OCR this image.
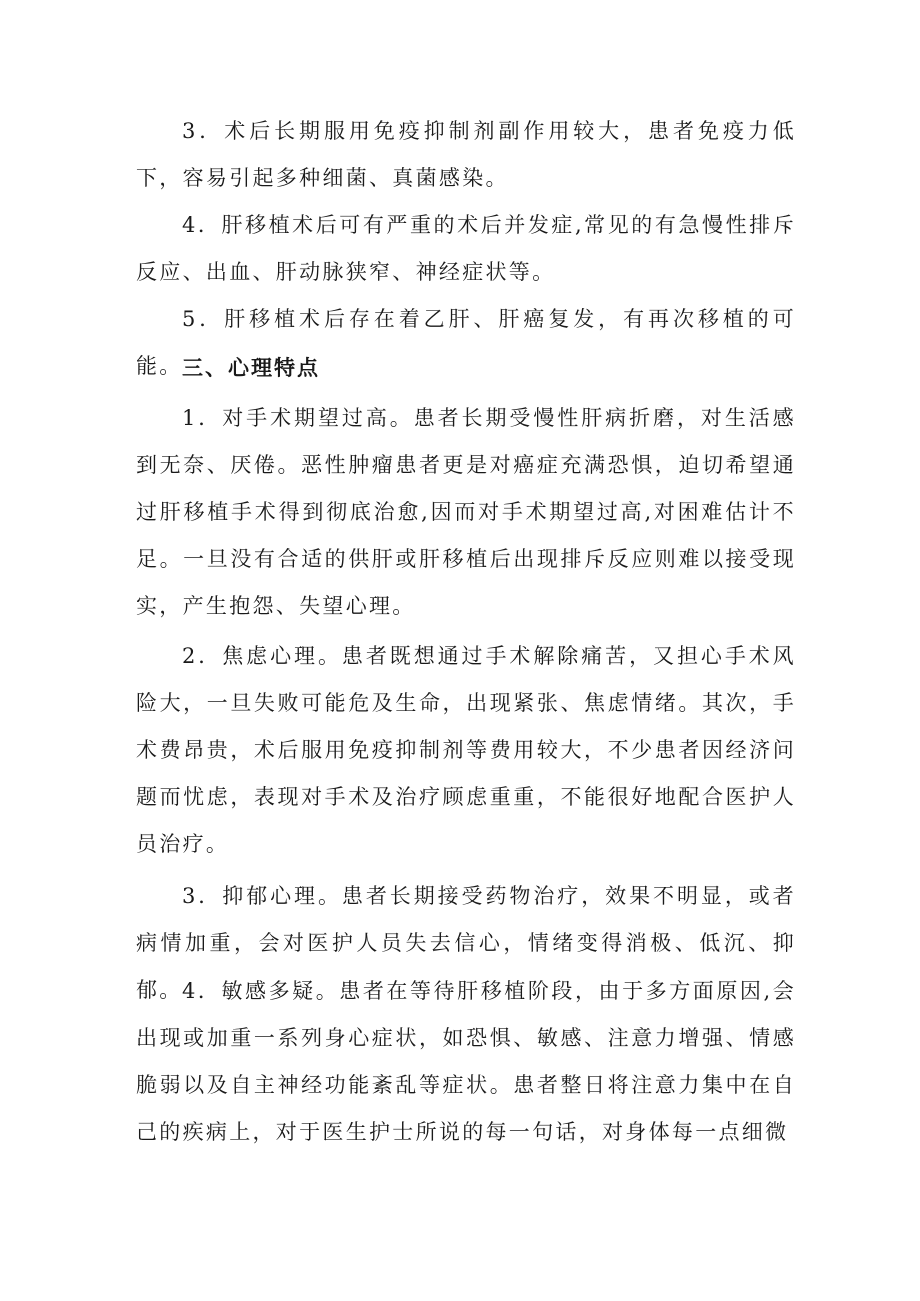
3．术后长期服用免疫抑制剂副作用较大，患者免疫力低下，容易引起多种细菌、真菌感染。

4．肝移植术后可有严重的术后并发症,常见的有急慢性排斥反应、出血、肝动脉狭窄、神经症状等。

5．肝移植术后存在着乙肝、肝癌复发，有再次移植的可能。 三、心理特点

1．对手术期望过高。患者长期受慢性肝病折磨，对生活感到无奈、厌倦。恶性肿瘤患者更是对癌症充满恐惧，迫切希望通过肝移植手术得到彻底治愈,因而对手术期望过高,对困难估计不足。一旦没有合适的供肝或肝移植后出现排斥反应则难以接受现实，产生抱怨、失望心理。

2．焦虑心理。患者既想通过手术解除痛苦，又担心手术风险大，一旦失败可能危及生命，出现紧张、焦虑情绪。其次，手术费昂贵，术后服用免疫抑制剂等费用较大，不少患者因经济问题而忧虑，表现对手术及治疗顾虑重重，不能很好地配合医护人员治疗。

3．抑郁心理。患者长期接受药物治疗，效果不明显，或者病情加重，会对医护人员失去信心，情绪变得消极、低沉、抑郁。 4．敏感多疑。患者在等待肝移植阶段，由于多方面原因,会出现或加重一系列身心症状，如恐惧、敏感、注意力增强、情感脆弱以及自主神经功能紊乱等症状。患者整日将注意力集中在自己的疾病上，对于医生护士所说的每一句话，对身体每一点细微
